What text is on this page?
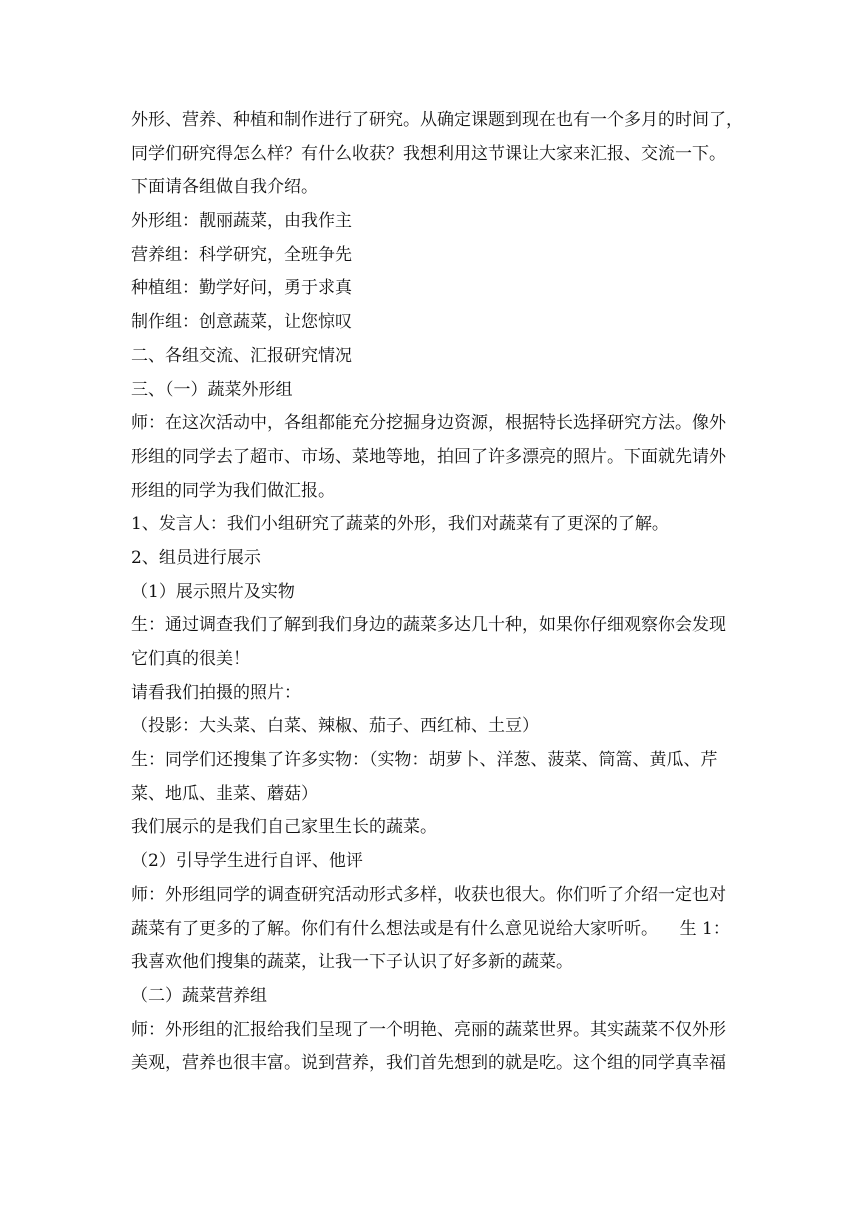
外形、营养、种植和制作进行了研究。从确定课题到现在也有一个多月的时间了，
同学们研究得怎么样？有什么收获？我想利用这节课让大家来汇报、交流一下。
下面请各组做自我介绍。
外形组：靓丽蔬菜，由我作主
营养组：科学研究，全班争先
种植组：勤学好问，勇于求真
制作组：创意蔬菜，让您惊叹
二、各组交流、汇报研究情况
三、（一）蔬菜外形组
师：在这次活动中，各组都能充分挖掘身边资源，根据特长选择研究方法。像外
形组的同学去了超市、市场、菜地等地，拍回了许多漂亮的照片。下面就先请外
形组的同学为我们做汇报。
1、发言人：我们小组研究了蔬菜的外形，我们对蔬菜有了更深的了解。
2、组员进行展示
（1）展示照片及实物
生：通过调查我们了解到我们身边的蔬菜多达几十种，如果你仔细观察你会发现
它们真的很美！
请看我们拍摄的照片：
（投影：大头菜、白菜、辣椒、茄子、西红柿、土豆）
生：同学们还搜集了许多实物：（实物：胡萝卜、洋葱、菠菜、筒篙、黄瓜、芹
菜、地瓜、韭菜、蘑菇）
我们展示的是我们自己家里生长的蔬菜。
（2）引导学生进行自评、他评
师：外形组同学的调查研究活动形式多样，收获也很大。你们听了介绍一定也对
蔬菜有了更多的了解。你们有什么想法或是有什么意见说给大家听听。    生 1：
我喜欢他们搜集的蔬菜，让我一下子认识了好多新的蔬菜。
（二）蔬菜营养组
师：外形组的汇报给我们呈现了一个明艳、亮丽的蔬菜世界。其实蔬菜不仅外形
美观，营养也很丰富。说到营养，我们首先想到的就是吃。这个组的同学真幸福
